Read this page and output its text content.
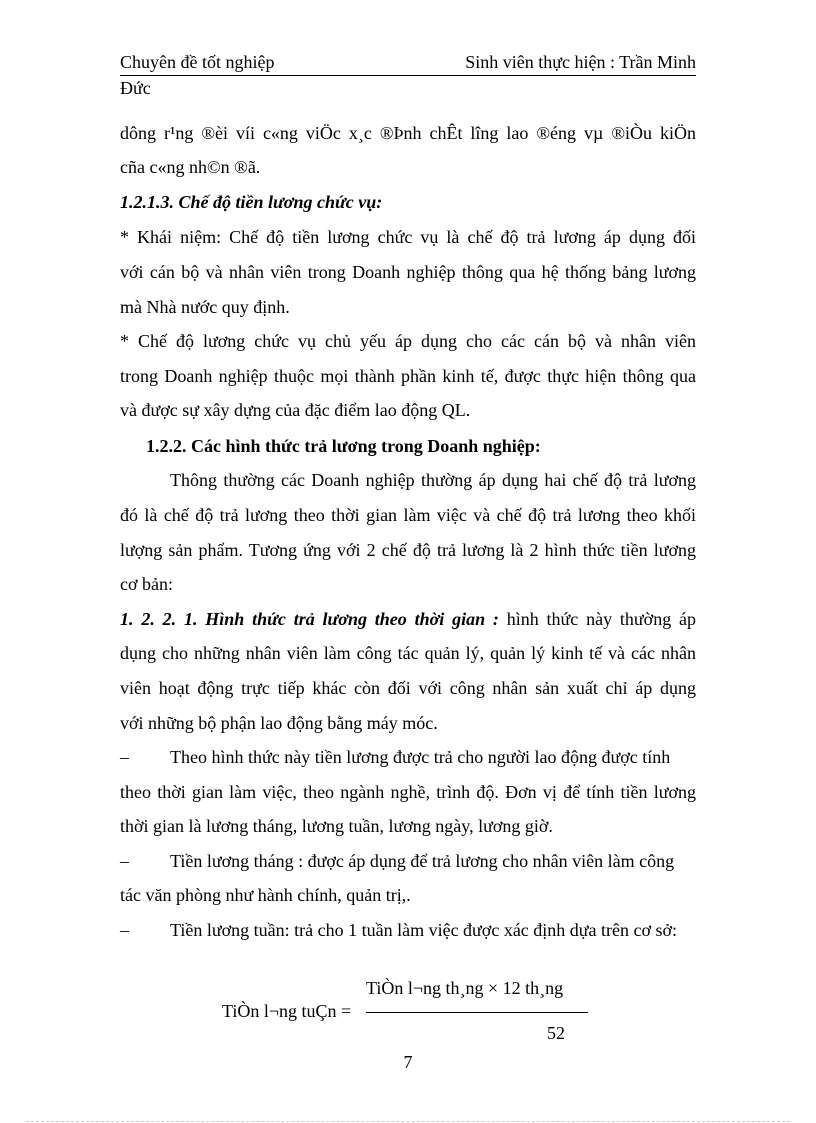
Chuyên đề tốt nghiệp	Sinh viên thực hiện : Trần Minh
Đức
dông r¹ng ®èi víi c«ng viÖc x¸c ®Þnh chÊt lîng lao ®éng vµ ®iÒu kiÖn
cña c«ng nh©n ®ã.
1.2.1.3. Chế độ tiền lương chức vụ:
* Khái niệm: Chế độ tiền lương chức vụ là chế độ trả lương áp dụng đối
với cán bộ và nhân viên trong Doanh nghiệp thông qua hệ thống bảng lương
mà Nhà nước quy định.
* Chế độ lương chức vụ chủ yếu áp dụng cho các cán bộ và nhân viên
trong Doanh nghiệp thuộc mọi thành phần kinh tế, được thực hiện thông qua
và được sự xây dựng của đặc điểm lao động QL.
1.2.2. Các hình thức trả lương trong Doanh nghiệp:
Thông thường các Doanh nghiệp thường áp dụng hai chế độ trả lương
đó là chế độ trả lương theo thời gian làm việc và chế độ trả lương theo khối
lượng sản phẩm. Tương ứng với 2 chế độ trả lương là 2 hình thức tiền lương
cơ bản:
1. 2. 2. 1. Hình thức trả lương theo thời gian : hình thức này thường áp
dụng cho những nhân viên làm công tác quản lý, quản lý kinh tế và các nhân
viên hoạt động trực tiếp khác còn đối với công nhân sản xuất chỉ áp dụng
với những bộ phận lao động bằng máy móc.
– Theo hình thức này tiền lương được trả cho người lao động được tính
theo thời gian làm việc, theo ngành nghề, trình độ. Đơn vị để tính tiền lương
thời gian là lương tháng, lương tuần, lương ngày, lương giờ.
– Tiền lương tháng : được áp dụng để trả lương cho nhân viên làm công
tác văn phòng như hành chính, quản trị,.
– Tiền lương tuần: trả cho 1 tuần làm việc được xác định dựa trên cơ sở:
TiÒn l¬ng th¸ng × 12 th¸ng
TiÒn l¬ng tuÇn =
52
7
